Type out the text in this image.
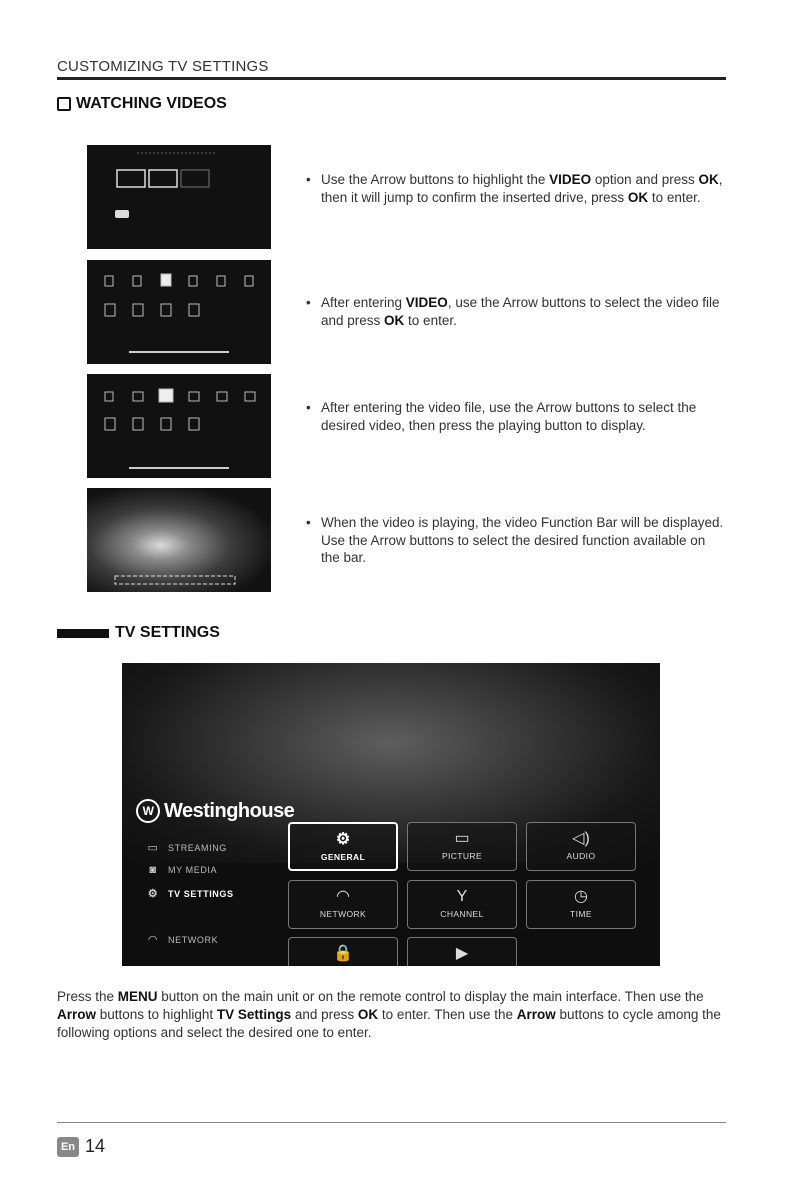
CUSTOMIZING TV SETTINGS
WATCHING VIDEOS
• Use the Arrow buttons to highlight the VIDEO option and press OK, then it will jump to confirm the inserted drive, press OK to enter.
• After entering VIDEO, use the Arrow buttons to select the video file and press OK to enter.
• After entering the video file, use the Arrow buttons to select the desired video, then press the playing button to display.
• When the video is playing, the video Function Bar will be displayed. Use the Arrow buttons to select the desired function available on the bar.
TV SETTINGS
W Westinghouse
▭ STREAMING
◙	MY MEDIA
⚙ TV SETTINGS
◠ NETWORK
⚙
GENERAL
▭
PICTURE
◁)
AUDIO
◠
NETWORK
Y
CHANNEL
◷
TIME
🔒	▶
Press the MENU button on the main unit or on the remote control to display the main interface. Then use the Arrow buttons to highlight TV Settings and press OK to enter. Then use the Arrow buttons to cycle among the following options and select the desired one to enter.
En 14
